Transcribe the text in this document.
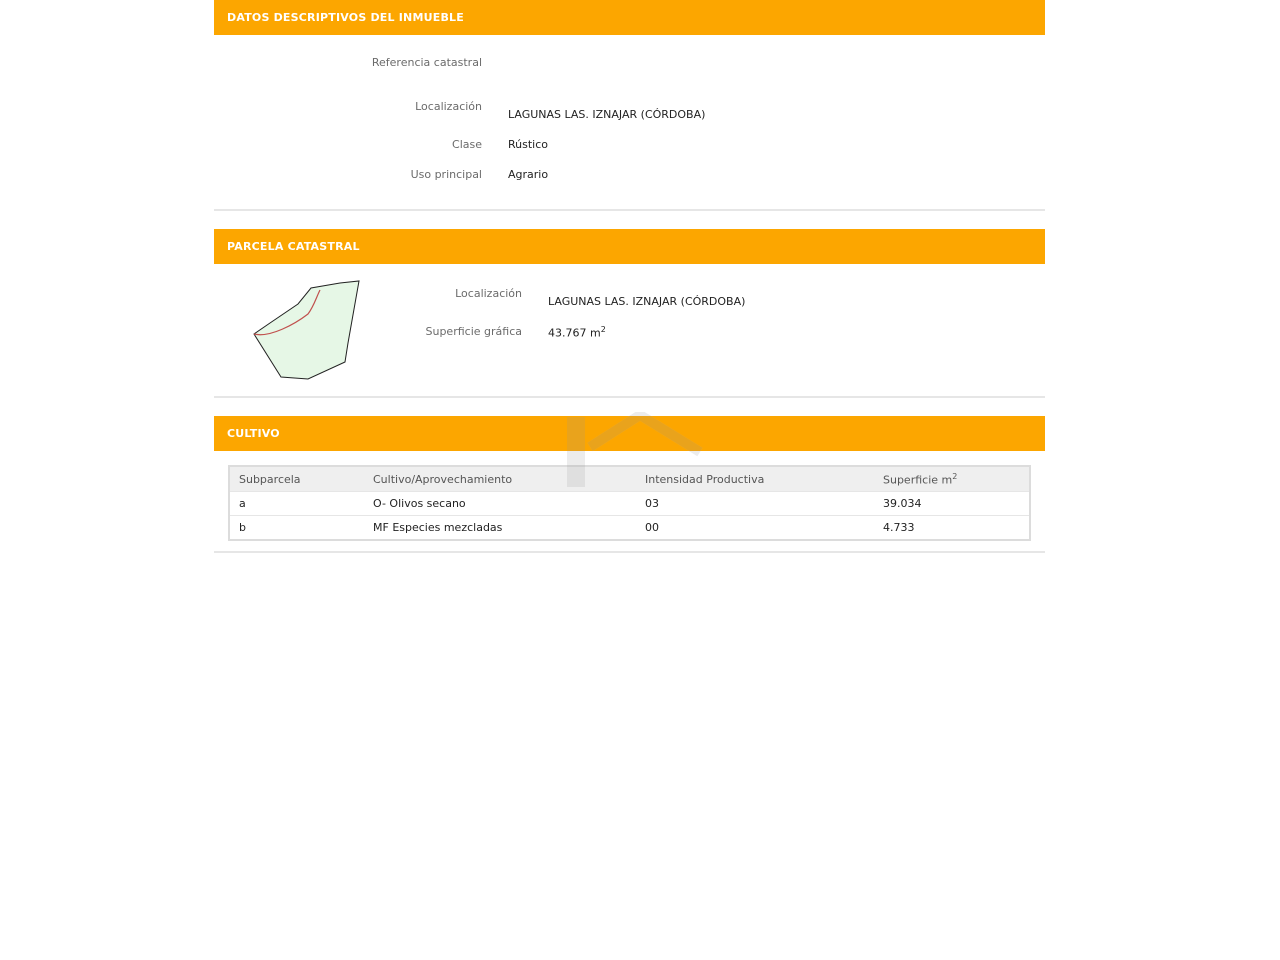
DATOS DESCRIPTIVOS DEL INMUEBLE
Referencia catastral
Localización
LAGUNAS LAS. IZNAJAR (CÓRDOBA)
Clase Rústico
Uso principal Agrario
PARCELA CATASTRAL
Localización
LAGUNAS LAS. IZNAJAR (CÓRDOBA)
Superficie gráfica 43.767 $m^2$
CULTIVO
Subparcela	Cultivo/Aprovechamiento	Intensidad Productiva	Superficie $m^2$
a	O- Olivos secano	03	39.034
b	MF Especies mezcladas	00	4.733
